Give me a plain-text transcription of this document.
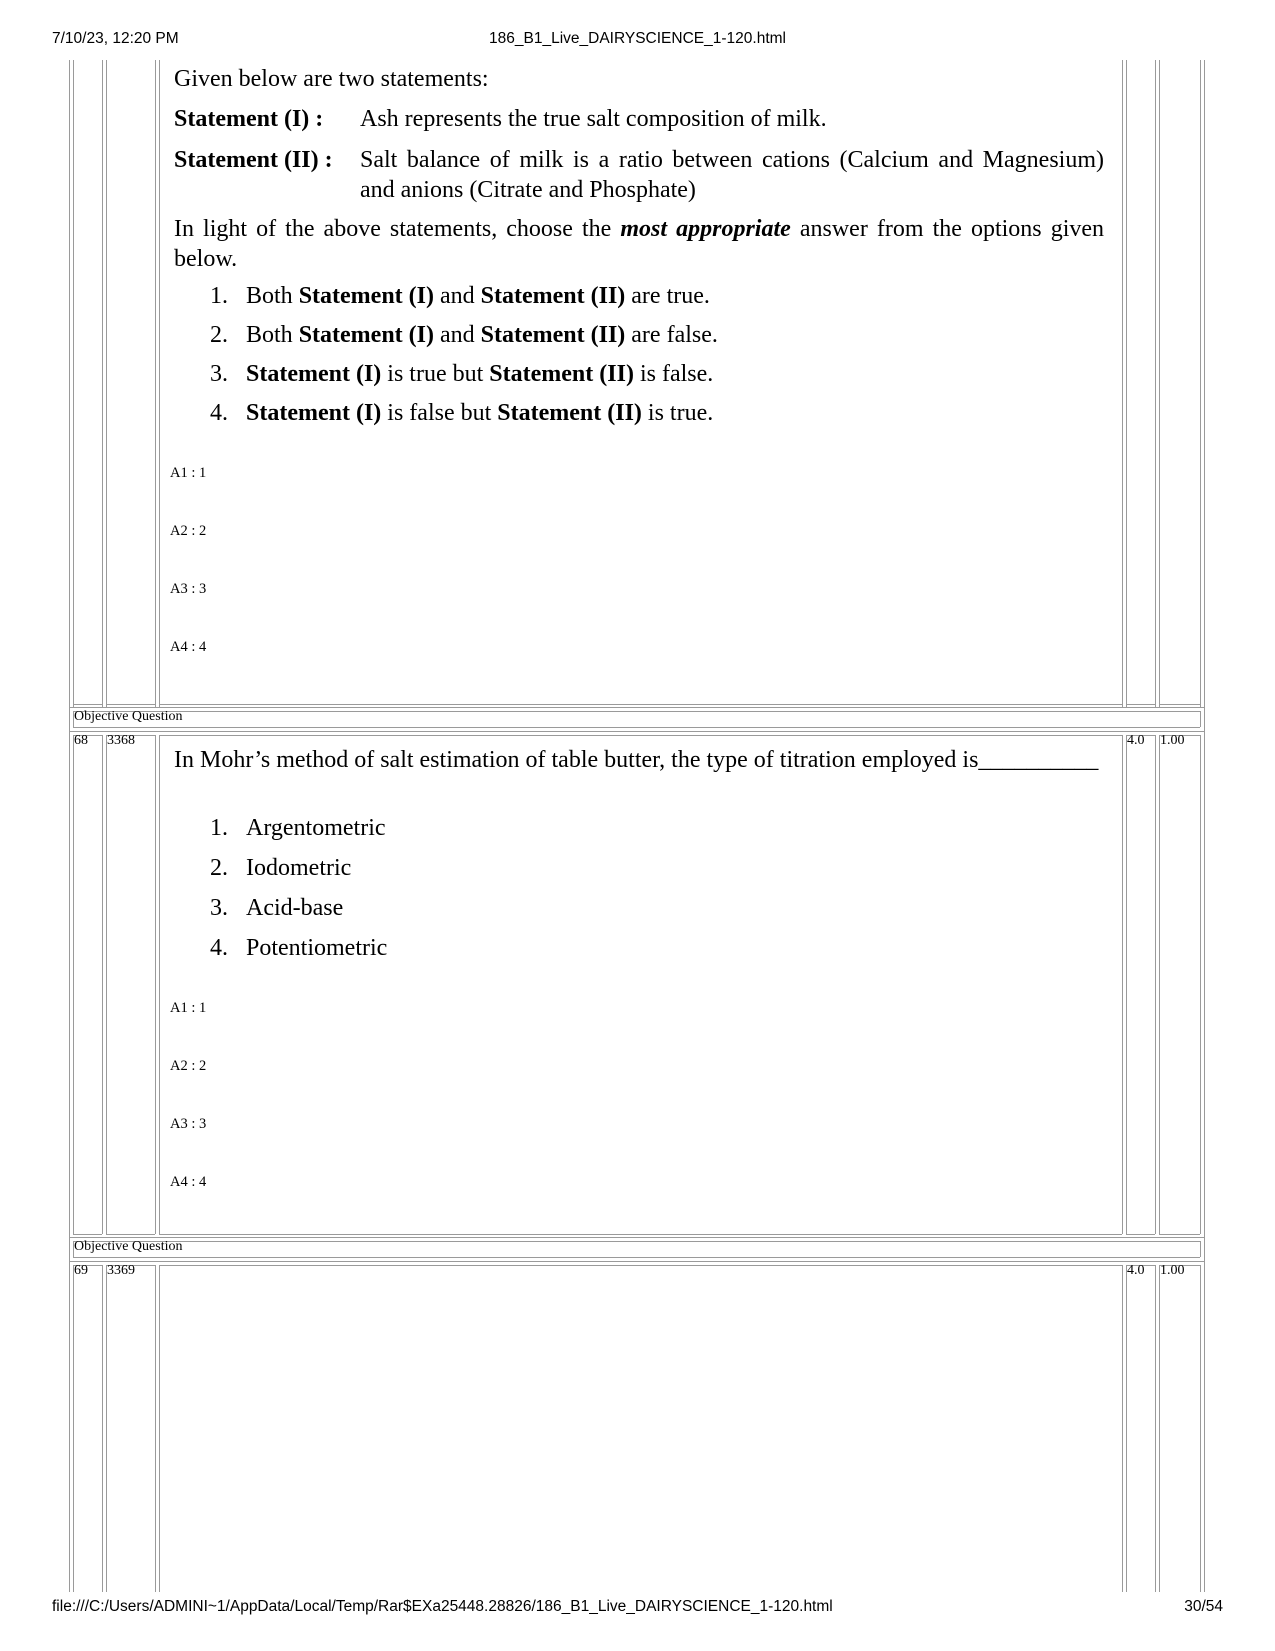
7/10/23, 12:20 PM	186_B1_Live_DAIRYSCIENCE_1-120.html
Given below are two statements:
Statement (I) : Ash represents the true salt composition of milk.
Statement (II) : Salt balance of milk is a ratio between cations (Calcium and Magnesium) and anions (Citrate and Phosphate)
In light of the above statements, choose the most appropriate answer from the options given below.
1. Both Statement (I) and Statement (II) are true.
2. Both Statement (I) and Statement (II) are false.
3. Statement (I) is true but Statement (II) is false.
4. Statement (I) is false but Statement (II) is true.
A1 : 1
A2 : 2
A3 : 3
A4 : 4
Objective Question
68 3368	4.0 1.00
In Mohr’s method of salt estimation of table butter, the type of titration employed is__________
1. Argentometric
2. Iodometric
3. Acid-base
4. Potentiometric
A1 : 1
A2 : 2
A3 : 3
A4 : 4
Objective Question
69 3369	4.0 1.00
file:///C:/Users/ADMINI~1/AppData/Local/Temp/Rar$EXa25448.28826/186_B1_Live_DAIRYSCIENCE_1-120.html	30/54
